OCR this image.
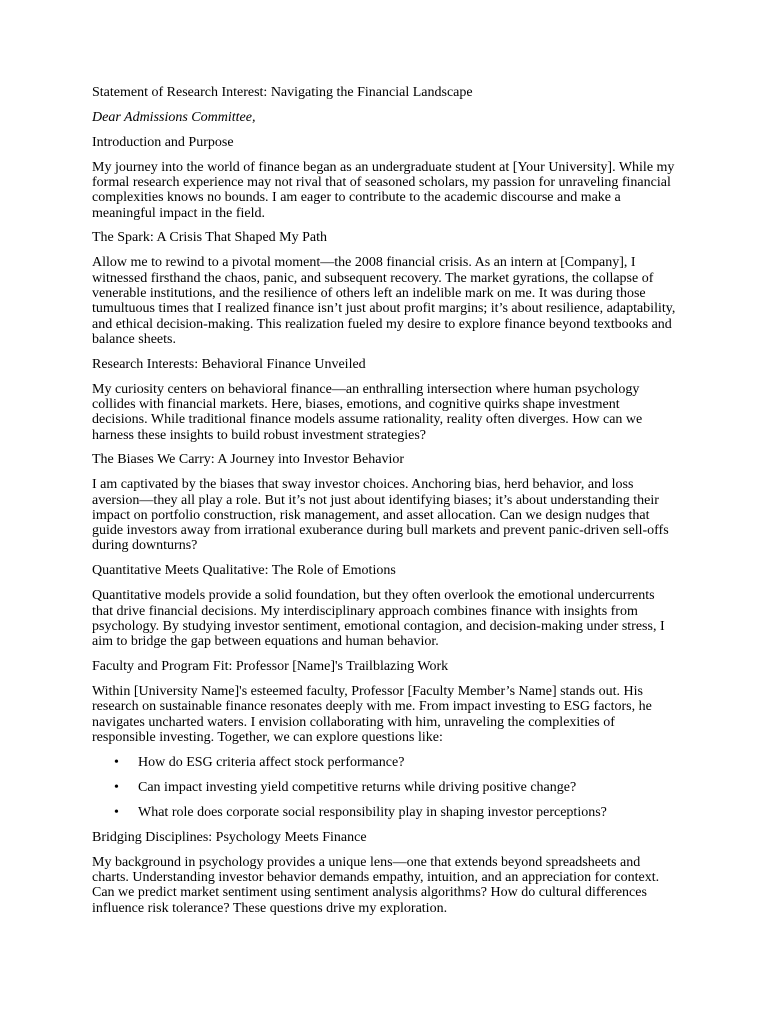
Statement of Research Interest: Navigating the Financial Landscape

Dear Admissions Committee,

Introduction and Purpose

My journey into the world of finance began as an undergraduate student at [Your University]. While my formal research experience may not rival that of seasoned scholars, my passion for unraveling financial complexities knows no bounds. I am eager to contribute to the academic discourse and make a meaningful impact in the field.

The Spark: A Crisis That Shaped My Path

Allow me to rewind to a pivotal moment—the 2008 financial crisis. As an intern at [Company], I witnessed firsthand the chaos, panic, and subsequent recovery. The market gyrations, the collapse of venerable institutions, and the resilience of others left an indelible mark on me. It was during those tumultuous times that I realized finance isn’t just about profit margins; it’s about resilience, adaptability, and ethical decision-making. This realization fueled my desire to explore finance beyond textbooks and balance sheets.

Research Interests: Behavioral Finance Unveiled

My curiosity centers on behavioral finance—an enthralling intersection where human psychology collides with financial markets. Here, biases, emotions, and cognitive quirks shape investment decisions. While traditional finance models assume rationality, reality often diverges. How can we harness these insights to build robust investment strategies?

The Biases We Carry: A Journey into Investor Behavior

I am captivated by the biases that sway investor choices. Anchoring bias, herd behavior, and loss aversion—they all play a role. But it’s not just about identifying biases; it’s about understanding their impact on portfolio construction, risk management, and asset allocation. Can we design nudges that guide investors away from irrational exuberance during bull markets and prevent panic-driven sell-offs during downturns?

Quantitative Meets Qualitative: The Role of Emotions

Quantitative models provide a solid foundation, but they often overlook the emotional undercurrents that drive financial decisions. My interdisciplinary approach combines finance with insights from psychology. By studying investor sentiment, emotional contagion, and decision-making under stress, I aim to bridge the gap between equations and human behavior.

Faculty and Program Fit: Professor [Name]'s Trailblazing Work

Within [University Name]'s esteemed faculty, Professor [Faculty Member’s Name] stands out. His research on sustainable finance resonates deeply with me. From impact investing to ESG factors, he navigates uncharted waters. I envision collaborating with him, unraveling the complexities of responsible investing. Together, we can explore questions like:

• How do ESG criteria affect stock performance?
• Can impact investing yield competitive returns while driving positive change?
• What role does corporate social responsibility play in shaping investor perceptions?

Bridging Disciplines: Psychology Meets Finance

My background in psychology provides a unique lens—one that extends beyond spreadsheets and charts. Understanding investor behavior demands empathy, intuition, and an appreciation for context. Can we predict market sentiment using sentiment analysis algorithms? How do cultural differences influence risk tolerance? These questions drive my exploration.
